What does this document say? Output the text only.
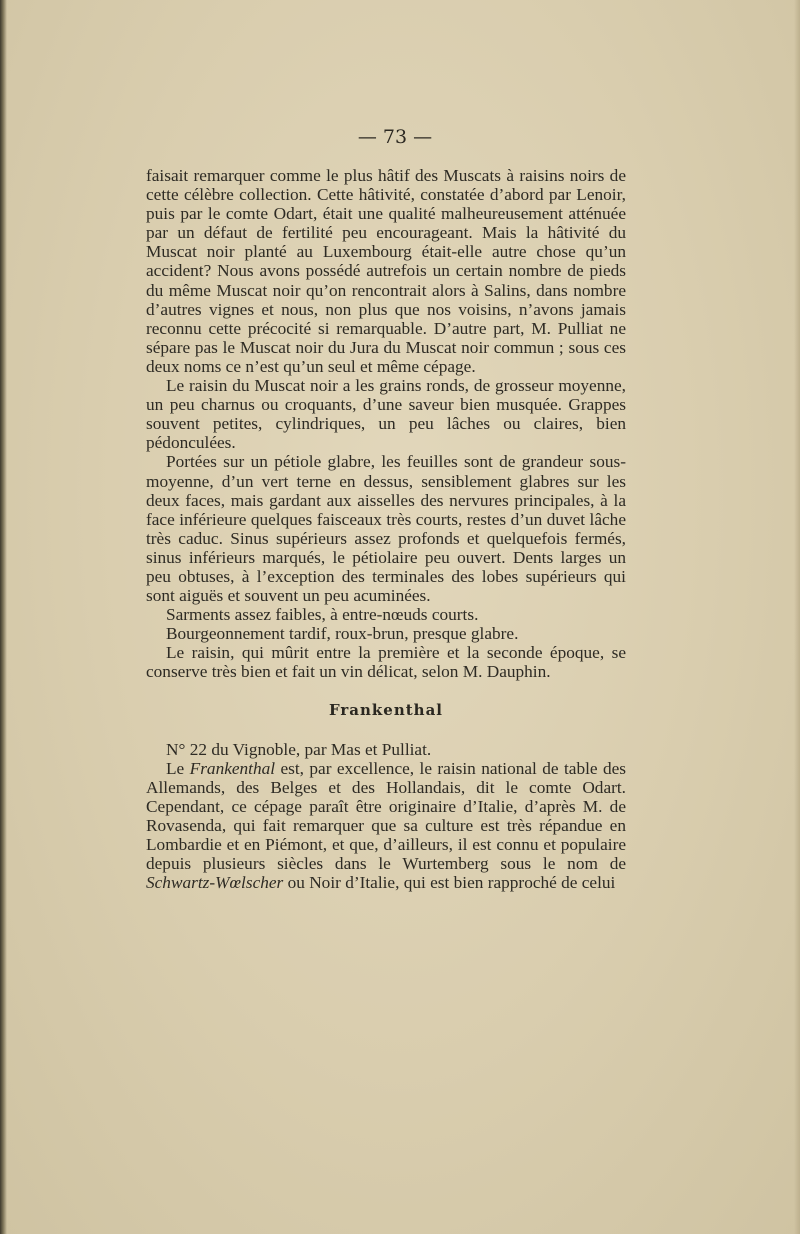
— 73 —

faisait remarquer comme le plus hâtif des Muscats à raisins noirs de cette célèbre collection. Cette hâtivité, constatée d’abord par Lenoir, puis par le comte Odart, était une qualité malheureusement atténuée par un défaut de fertilité peu encourageant. Mais la hâtivité du Muscat noir planté au Luxembourg était-elle autre chose qu’un accident? Nous avons possédé autrefois un certain nombre de pieds du même Muscat noir qu’on rencontrait alors à Salins, dans nombre d’autres vignes et nous, non plus que nos voisins, n’avons jamais reconnu cette précocité si remarquable. D’autre part, M. Pulliat ne sépare pas le Muscat noir du Jura du Muscat noir commun ; sous ces deux noms ce n’est qu’un seul et même cépage.

Le raisin du Muscat noir a les grains ronds, de grosseur moyenne, un peu charnus ou croquants, d’une saveur bien musquée. Grappes souvent petites, cylindriques, un peu lâches ou claires, bien pédonculées.

Portées sur un pétiole glabre, les feuilles sont de grandeur sous-moyenne, d’un vert terne en dessus, sensiblement glabres sur les deux faces, mais gardant aux aisselles des nervures principales, à la face inférieure quelques faisceaux très courts, restes d’un duvet lâche très caduc. Sinus supérieurs assez profonds et quelquefois fermés, sinus inférieurs marqués, le pétiolaire peu ouvert. Dents larges un peu obtuses, à l’exception des terminales des lobes supérieurs qui sont aiguës et souvent un peu acuminées.

Sarments assez faibles, à entre-nœuds courts.

Bourgeonnement tardif, roux-brun, presque glabre.

Le raisin, qui mûrit entre la première et la seconde époque, se conserve très bien et fait un vin délicat, selon M. Dauphin.

Frankenthal

N° 22 du Vignoble, par Mas et Pulliat.

Le Frankenthal est, par excellence, le raisin national de table des Allemands, des Belges et des Hollandais, dit le comte Odart. Cependant, ce cépage paraît être originaire d’Italie, d’après M. de Rovasenda, qui fait remarquer que sa culture est très répandue en Lombardie et en Piémont, et que, d’ailleurs, il est connu et populaire depuis plusieurs siècles dans le Wurtemberg sous le nom de Schwartz-Wœlscher ou Noir d’Italie, qui est bien rapproché de celui
